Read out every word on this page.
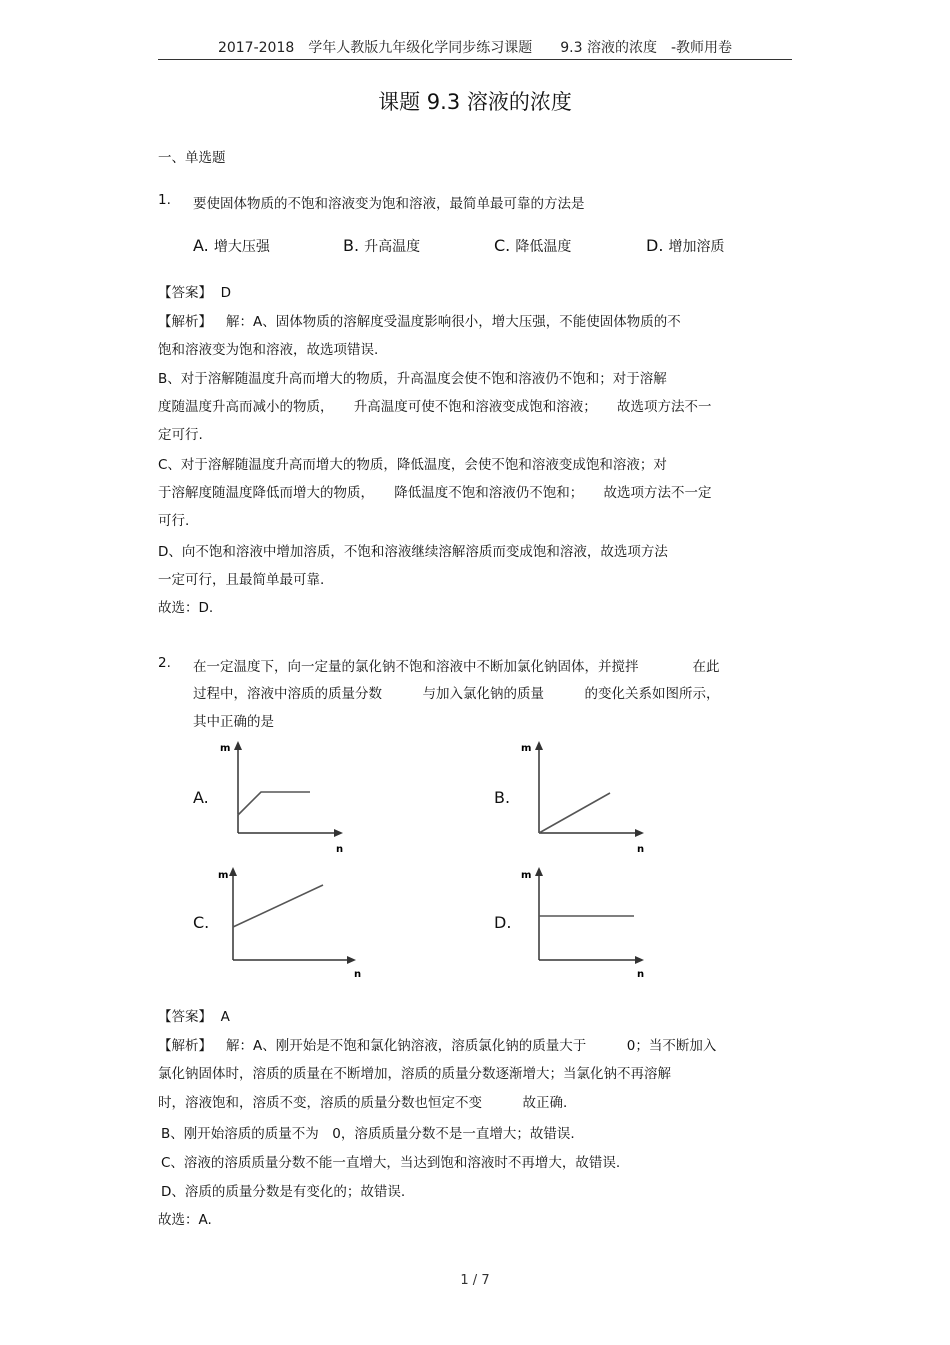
2017-2018　学年人教版九年级化学同步练习课题　　9.3 溶液的浓度　-教师用卷
课题 9.3 溶液的浓度
一、单选题
1. 要使固体物质的不饱和溶液变为饱和溶液，最简单最可靠的方法是
A. 增大压强	B. 升高温度	C. 降低温度	D. 增加溶质
【答案】 D
【解析】 解：A、固体物质的溶解度受温度影响很小，增大压强，不能使固体物质的不
饱和溶液变为饱和溶液，故选项错误.
B、对于溶解随温度升高而增大的物质，升高温度会使不饱和溶液仍不饱和；对于溶解
度随温度升高而减小的物质，　　升高温度可使不饱和溶液变成饱和溶液；　　故选项方法不一
定可行.
C、对于溶解随温度升高而增大的物质，降低温度，会使不饱和溶液变成饱和溶液；对
于溶解度随温度降低而增大的物质，　　降低温度不饱和溶液仍不饱和；　　故选项方法不一定
可行.
D、向不饱和溶液中增加溶质，不饱和溶液继续溶解溶质而变成饱和溶液，故选项方法
一定可行，且最简单最可靠.
故选：D.
2. 在一定温度下，向一定量的氯化钠不饱和溶液中不断加氯化钠固体，并搅拌　　　　在此
过程中，溶液中溶质的质量分数　　　与加入氯化钠的质量　　　的变化关系如图所示，
其中正确的是
A.
m
n
B.
m
n
C.
m
n
D.
m
n
【答案】 A
【解析】 解：A、刚开始是不饱和氯化钠溶液，溶质氯化钠的质量大于　　　0；当不断加入
氯化钠固体时，溶质的质量在不断增加，溶质的质量分数逐渐增大；当氯化钠不再溶解
时，溶液饱和，溶质不变，溶质的质量分数也恒定不变　　　故正确.
B、刚开始溶质的质量不为　0，溶质质量分数不是一直增大；故错误.
C、溶液的溶质质量分数不能一直增大，当达到饱和溶液时不再增大，故错误.
D、溶质的质量分数是有变化的；故错误.
故选：A.
1 / 7
